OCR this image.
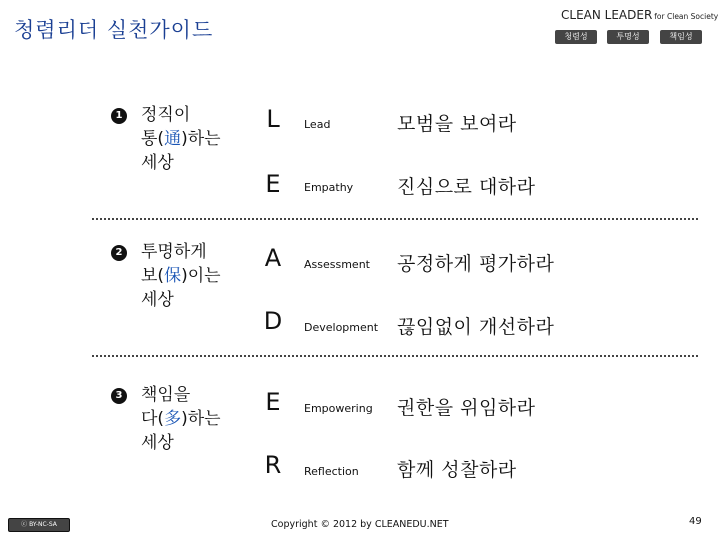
청렴리더 실천가이드
CLEAN LEADER for Clean Society
청렴성	투명성	책임성
1 정직이
통(通)하는
세상
2 투명하게
보(保)이는
세상
3 책임을
다(多)하는
세상
L	Lead	모범을 보여라
E	Empathy 진심으로 대하라
A	Assessment 공정하게 평가하라
D	Development 끊임없이 개선하라
E	Empowering 권한을 위임하라
R	Reflection 함께 성찰하라
ⓒ BY-NC-SA	Copyright © 2012 by CLEANEDU.NET	49
